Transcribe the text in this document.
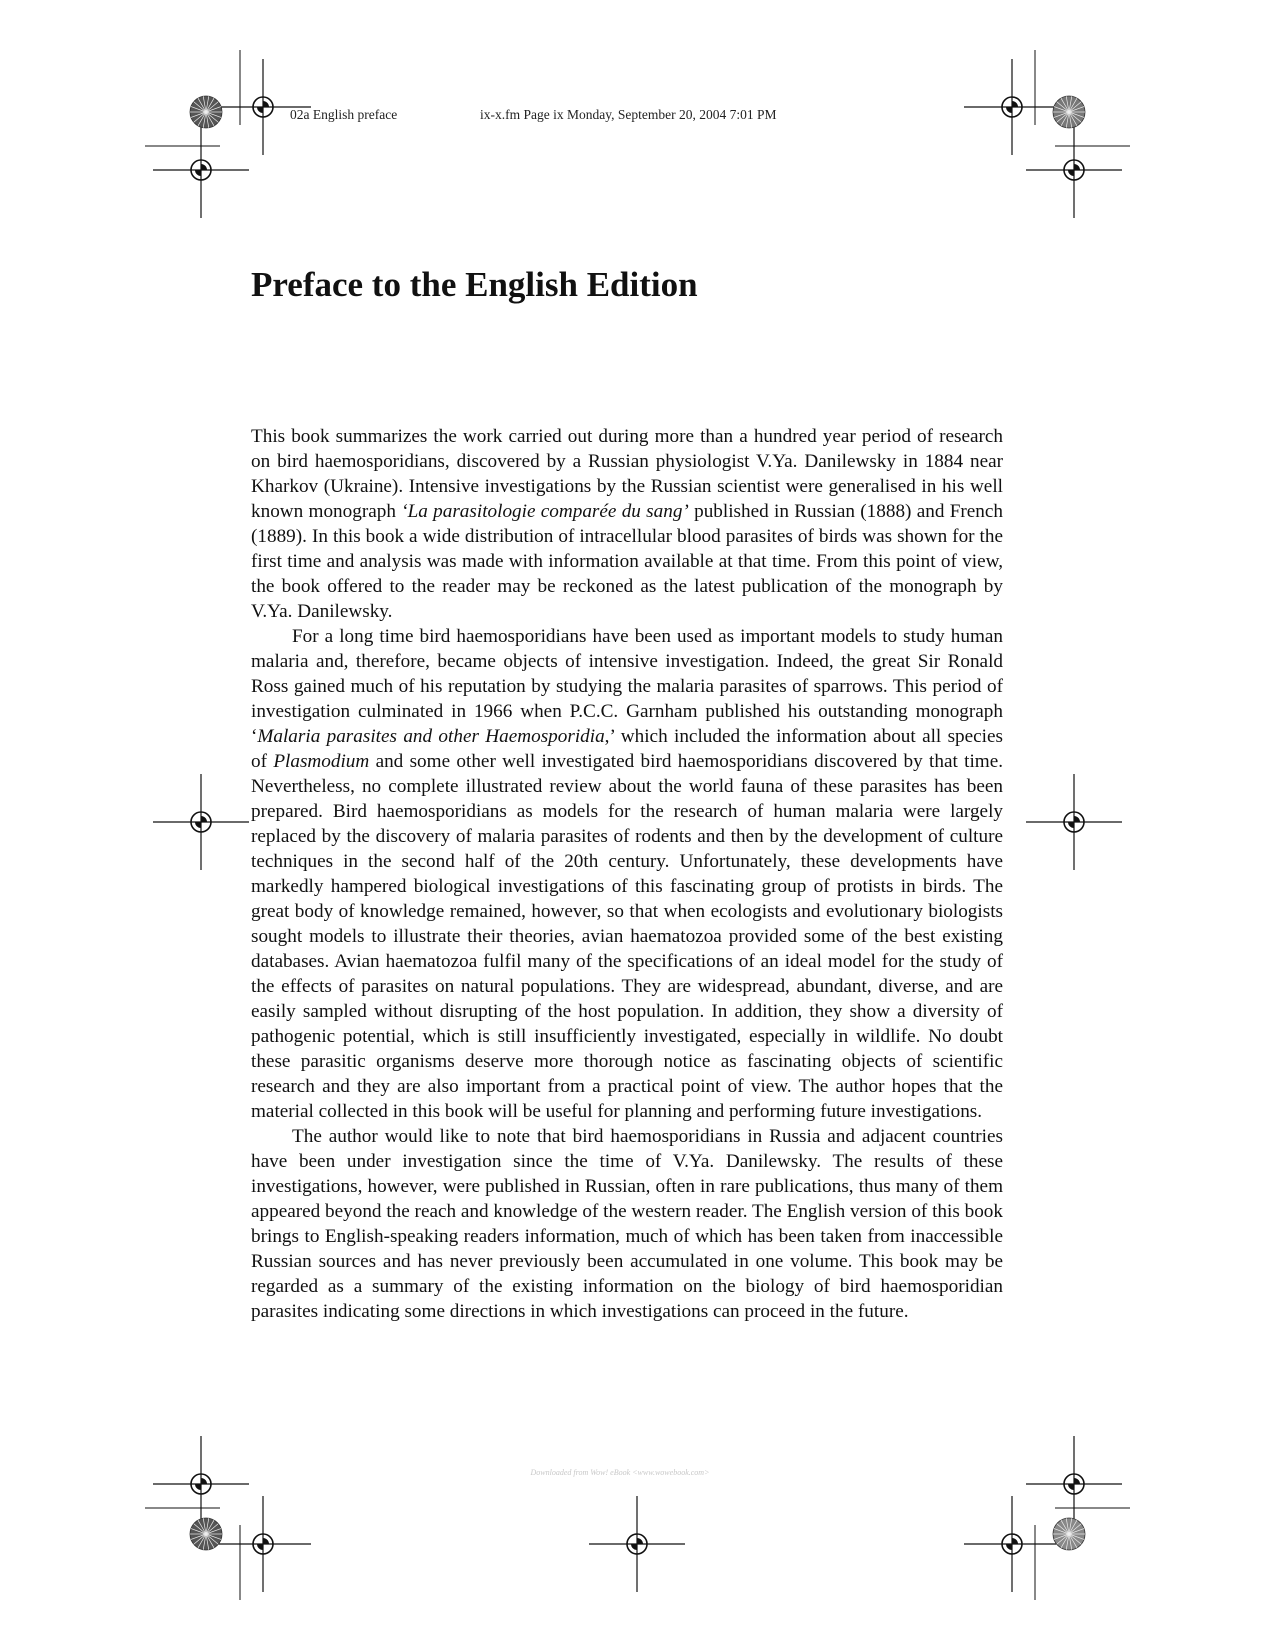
02a English preface	ix-x.fm Page ix Monday, September 20, 2004 7:01 PM
Preface to the English Edition

This book summarizes the work carried out during more than a hundred year period of research on bird haemosporidians, discovered by a Russian physiologist V.Ya. Danilewsky in 1884 near Kharkov (Ukraine). Intensive investigations by the Russian scientist were generalised in his well known monograph ‘La parasitologie comparée du sang’ published in Russian (1888) and French (1889). In this book a wide distribution of intracellular blood parasites of birds was shown for the first time and analysis was made with information available at that time. From this point of view, the book offered to the reader may be reckoned as the latest publication of the monograph by V.Ya. Danilewsky.

For a long time bird haemosporidians have been used as important models to study human malaria and, therefore, became objects of intensive investigation. Indeed, the great Sir Ronald Ross gained much of his reputation by studying the malaria parasites of sparrows. This period of investigation culminated in 1966 when P.C.C. Garnham published his outstanding monograph ‘Malaria parasites and other Haemosporidia,’ which included the information about all species of Plasmodium and some other well investigated bird haemosporidians discovered by that time. Nevertheless, no complete illustrated review about the world fauna of these parasites has been prepared. Bird haemosporidians as models for the research of human malaria were largely replaced by the discovery of malaria parasites of rodents and then by the development of culture techniques in the second half of the 20th century. Unfortunately, these developments have markedly hampered biological investigations of this fascinating group of protists in birds. The great body of knowledge remained, however, so that when ecologists and evolutionary biologists sought models to illustrate their theories, avian haematozoa provided some of the best existing databases. Avian haematozoa fulfil many of the specifications of an ideal model for the study of the effects of parasites on natural populations. They are widespread, abundant, diverse, and are easily sampled without disrupting of the host population. In addition, they show a diversity of pathogenic potential, which is still insufficiently investigated, especially in wildlife. No doubt these parasitic organisms deserve more thorough notice as fascinating objects of scientific research and they are also important from a practical point of view. The author hopes that the material collected in this book will be useful for planning and performing future investigations.

The author would like to note that bird haemosporidians in Russia and adjacent countries have been under investigation since the time of V.Ya. Danilewsky. The results of these investigations, however, were published in Russian, often in rare publications, thus many of them appeared beyond the reach and knowledge of the western reader. The English version of this book brings to English-speaking readers information, much of which has been taken from inaccessible Russian sources and has never previously been accumulated in one volume. This book may be regarded as a summary of the existing information on the biology of bird haemosporidian parasites indicating some directions in which investigations can proceed in the future.

Downloaded from Wow! eBook <www.wowebook.com>
